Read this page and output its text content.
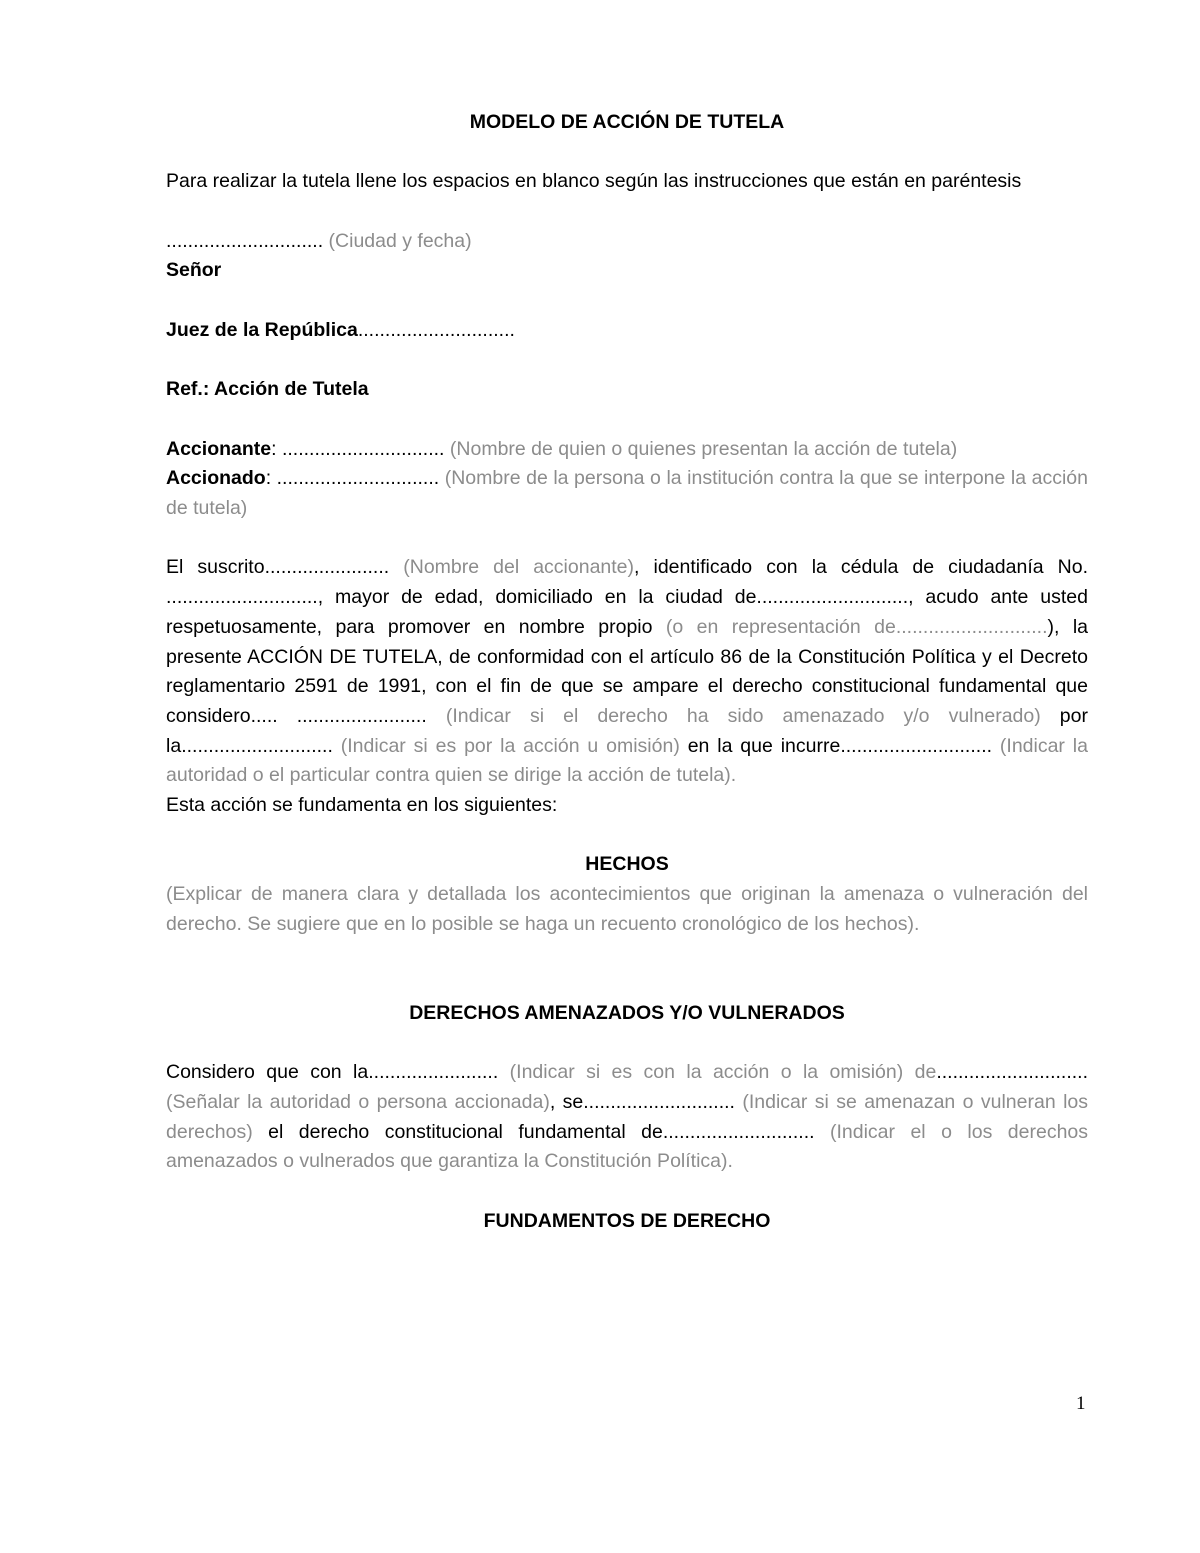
MODELO DE ACCIÓN DE TUTELA

Para realizar la tutela llene los espacios en blanco según las instrucciones que están en paréntesis

............................. (Ciudad y fecha)

Señor

Juez de la República.............................

Ref.: Acción de Tutela

Accionante: .............................. (Nombre de quien o quienes presentan la acción de tutela)

Accionado: .............................. (Nombre de la persona o la institución contra la que se interpone la acción de tutela)

El suscrito....................... (Nombre del accionante), identificado con la cédula de ciudadanía No. ............................, mayor de edad, domiciliado en la ciudad de............................, acudo ante usted respetuosamente, para promover en nombre propio (o en representación de............................), la presente ACCIÓN DE TUTELA, de conformidad con el artículo 86 de la Constitución Política y el Decreto reglamentario 2591 de 1991, con el fin de que se ampare el derecho constitucional fundamental que considero..... ........................ (Indicar si el derecho ha sido amenazado y/o vulnerado) por la............................ (Indicar si es por la acción u omisión) en la que incurre............................ (Indicar la autoridad o el particular contra quien se dirige la acción de tutela).

Esta acción se fundamenta en los siguientes:

HECHOS

(Explicar de manera clara y detallada los acontecimientos que originan la amenaza o vulneración del derecho. Se sugiere que en lo posible se haga un recuento cronológico de los hechos).

DERECHOS AMENAZADOS Y/O VULNERADOS

Considero que con la........................ (Indicar si es con la acción o la omisión) de............................ (Señalar la autoridad o persona accionada), se............................ (Indicar si se amenazan o vulneran los derechos) el derecho constitucional fundamental de............................ (Indicar el o los derechos amenazados o vulnerados que garantiza la Constitución Política).

FUNDAMENTOS DE DERECHO

1
